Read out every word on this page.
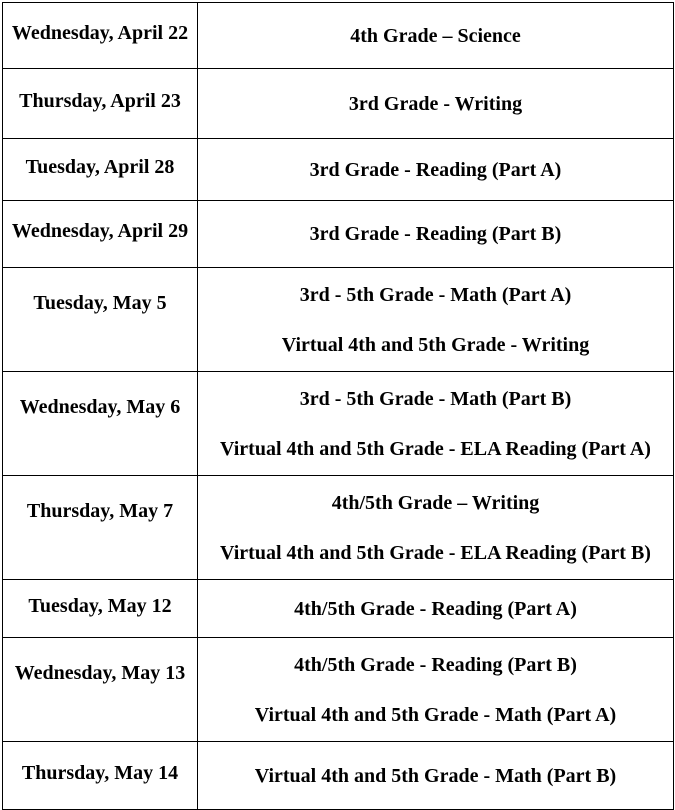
Wednesday, April 22	4th Grade – Science

Thursday, April 23	3rd Grade - Writing

Tuesday, April 28	3rd Grade - Reading (Part A)

Wednesday, April 29	3rd Grade - Reading (Part B)

Tuesday, May 5	3rd - 5th Grade - Math (Part A)
Virtual 4th and 5th Grade - Writing

Wednesday, May 6	3rd - 5th Grade - Math (Part B)
Virtual 4th and 5th Grade - ELA Reading (Part A)

Thursday, May 7	4th/5th Grade – Writing
Virtual 4th and 5th Grade - ELA Reading (Part B)

Tuesday, May 12	4th/5th Grade - Reading (Part A)

Wednesday, May 13	4th/5th Grade - Reading (Part B)
Virtual 4th and 5th Grade - Math (Part A)

Thursday, May 14	Virtual 4th and 5th Grade - Math (Part B)
